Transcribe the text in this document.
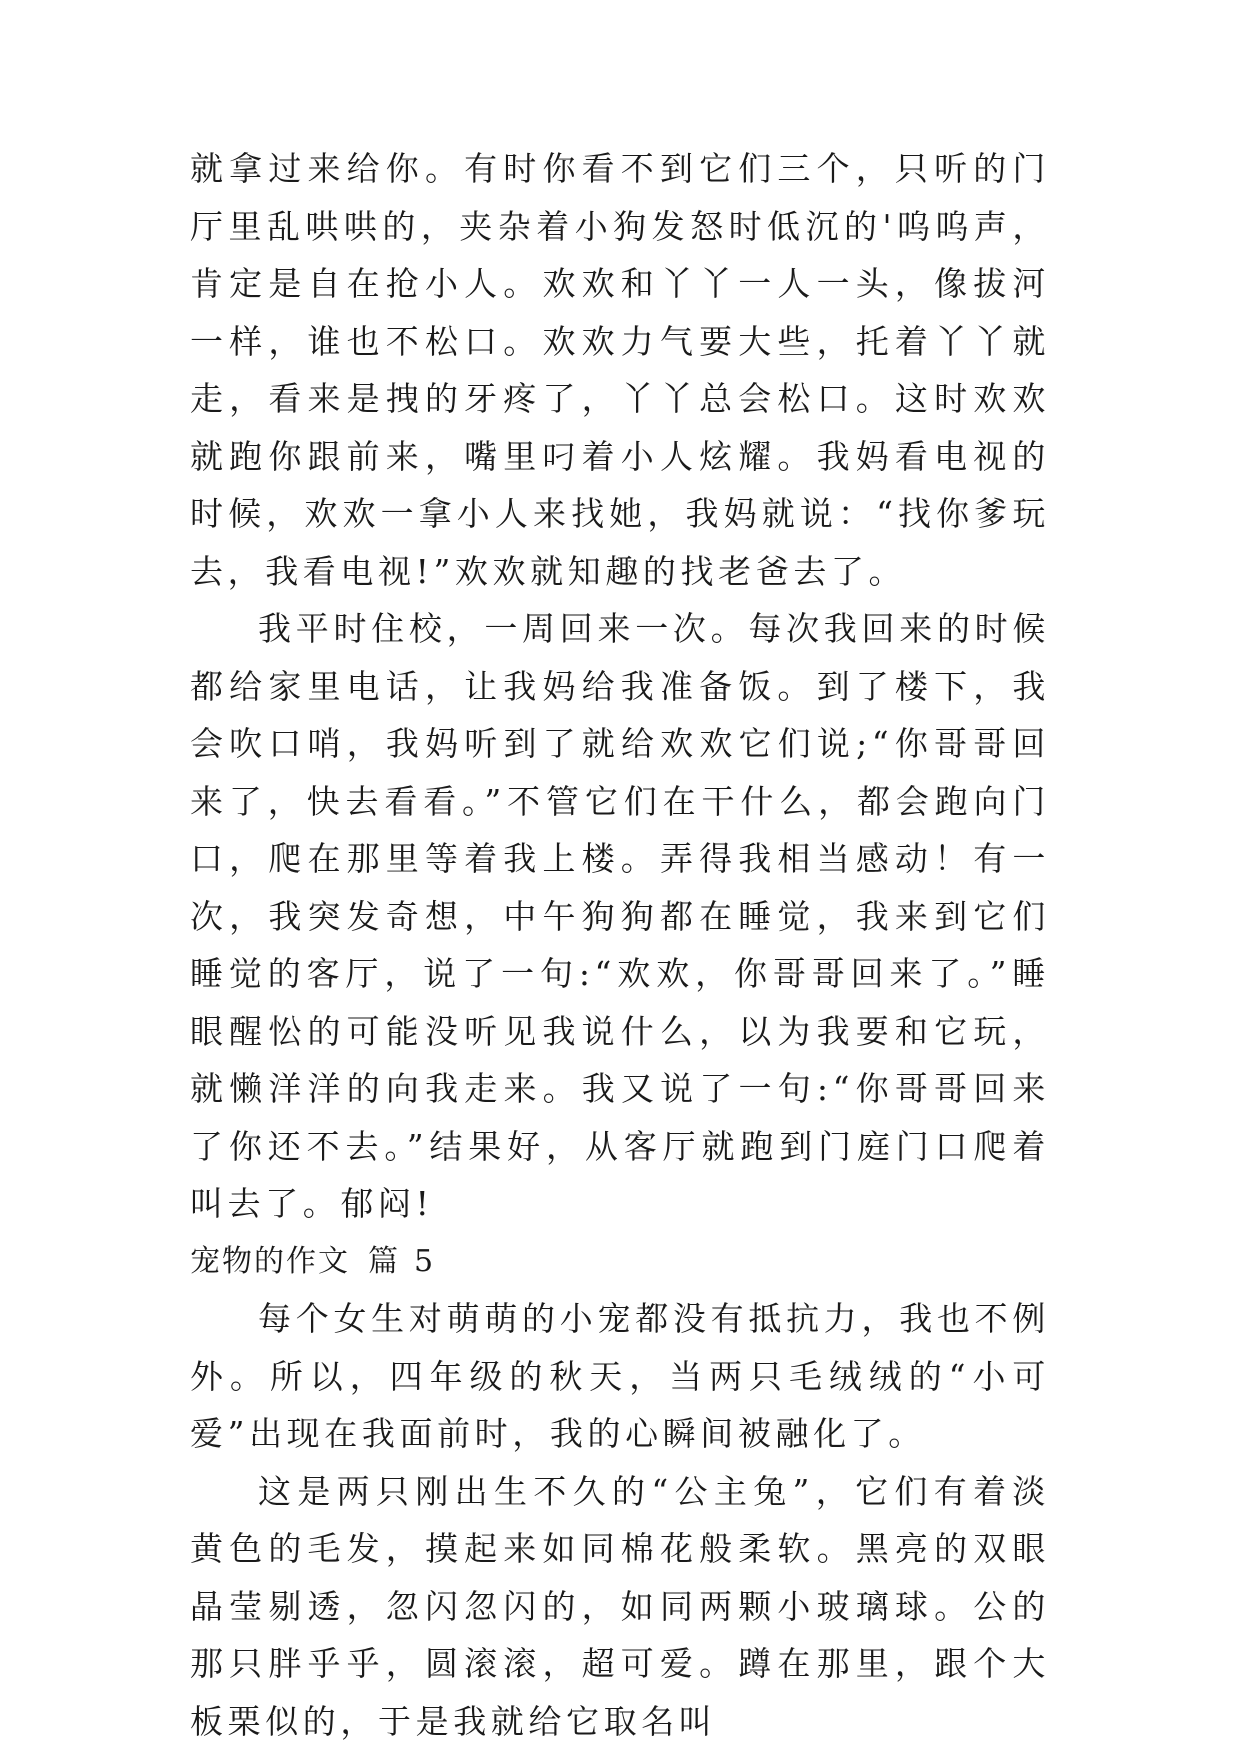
就拿过来给你。有时你看不到它们三个，只听的门厅里乱哄哄的，夹杂着小狗发怒时低沉的'呜呜声，肯定是自在抢小人。欢欢和丫丫一人一头，像拔河一样，谁也不松口。欢欢力气要大些，托着丫丫就走，看来是拽的牙疼了，丫丫总会松口。这时欢欢就跑你跟前来，嘴里叼着小人炫耀。我妈看电视的时候，欢欢一拿小人来找她，我妈就说：“找你爹玩去，我看电视!”欢欢就知趣的找老爸去了。

我平时住校，一周回来一次。每次我回来的时候都给家里电话，让我妈给我准备饭。到了楼下，我会吹口哨，我妈听到了就给欢欢它们说;“你哥哥回来了，快去看看。”不管它们在干什么，都会跑向门口，爬在那里等着我上楼。弄得我相当感动！有一次，我突发奇想，中午狗狗都在睡觉，我来到它们睡觉的客厅，说了一句:“欢欢，你哥哥回来了。”睡眼醒忪的可能没听见我说什么，以为我要和它玩，就懒洋洋的向我走来。我又说了一句:“你哥哥回来了你还不去。”结果好，从客厅就跑到门庭门口爬着叫去了。郁闷!

宠物的作文 篇 5

每个女生对萌萌的小宠都没有抵抗力，我也不例外。所以，四年级的秋天，当两只毛绒绒的“小可爱”出现在我面前时，我的心瞬间被融化了。

这是两只刚出生不久的“公主兔”，它们有着淡黄色的毛发，摸起来如同棉花般柔软。黑亮的双眼晶莹剔透，忽闪忽闪的，如同两颗小玻璃球。公的那只胖乎乎，圆滚滚，超可爱。蹲在那里，跟个大板栗似的，于是我就给它取名叫
